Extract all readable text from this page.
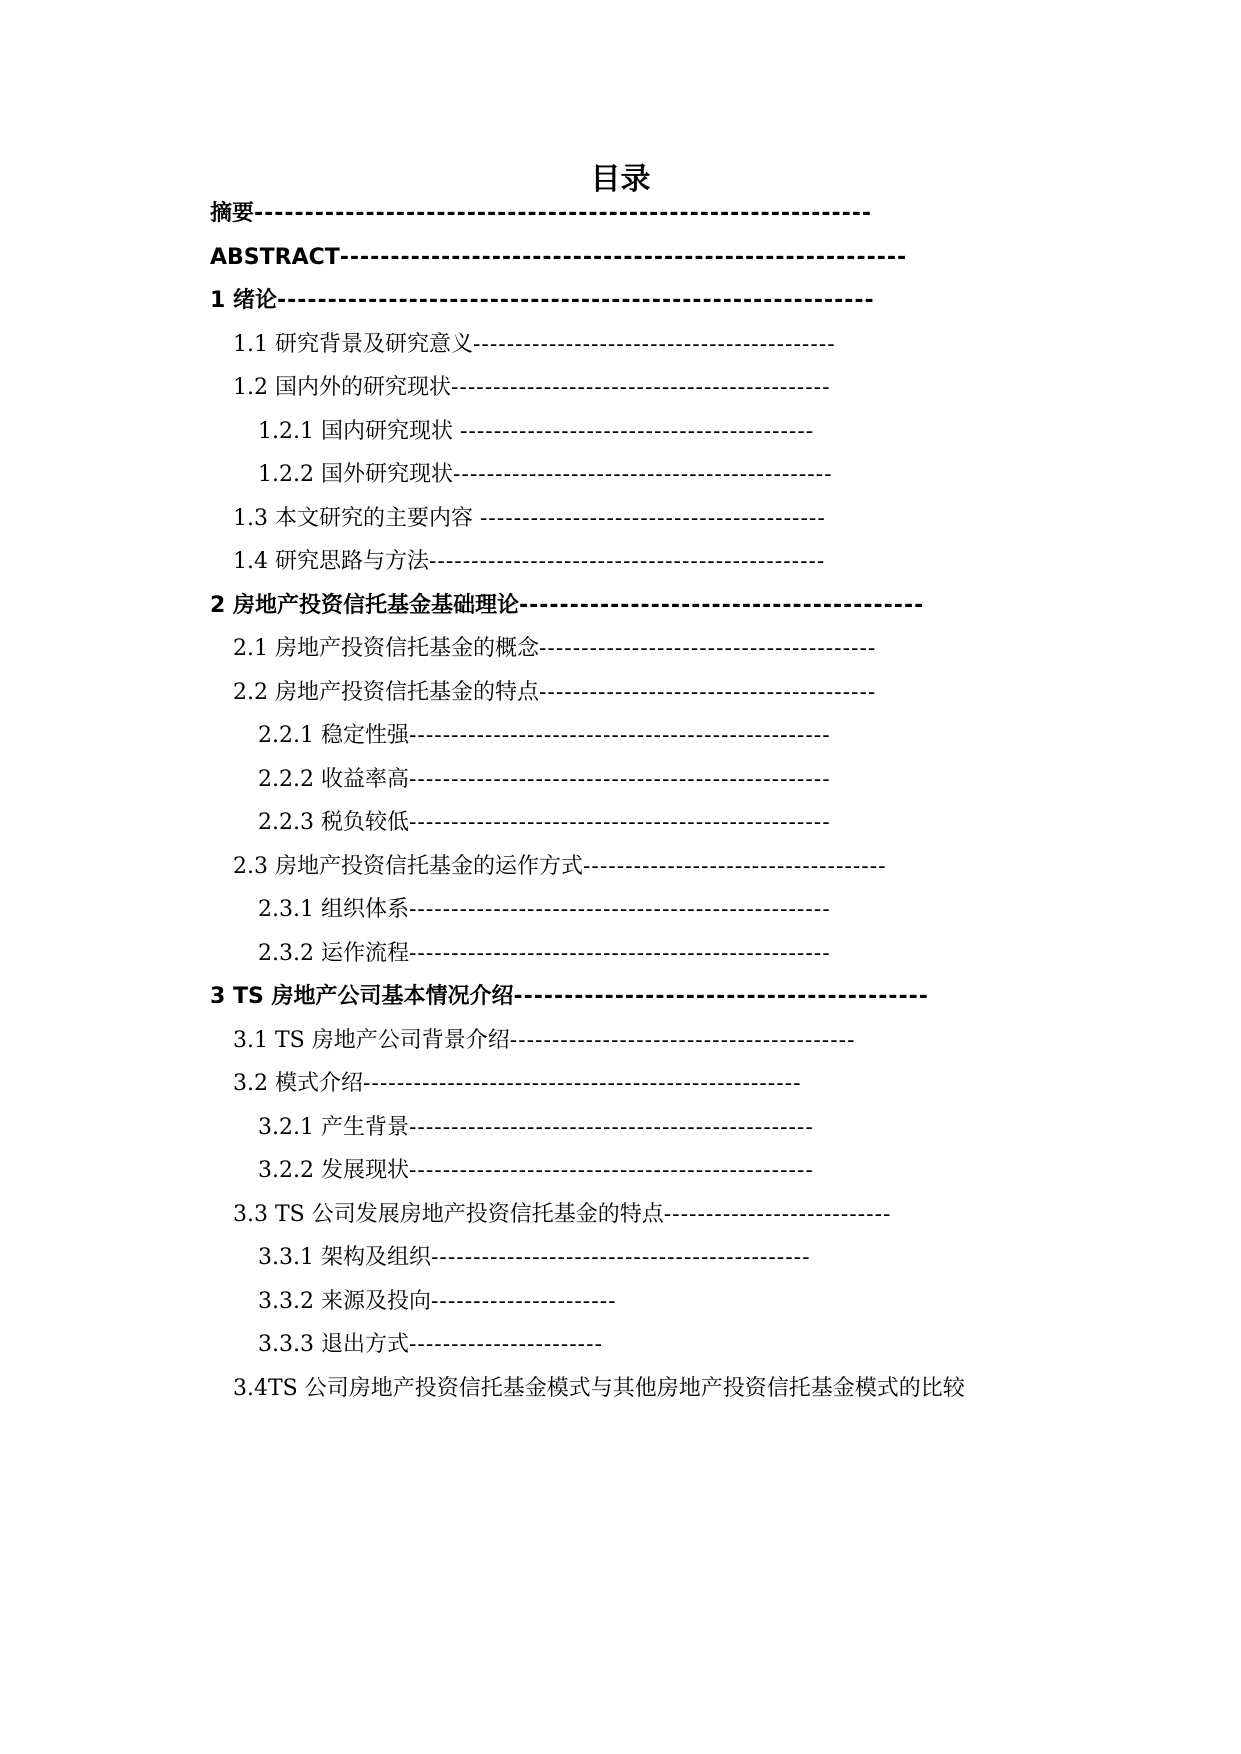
目录
摘要-------------------------------------------------------------
ABSTRACT--------------------------------------------------------
1 绪论-----------------------------------------------------------
1.1 研究背景及研究意义-------------------------------------------
1.2 国内外的研究现状---------------------------------------------
1.2.1 国内研究现状 ------------------------------------------
1.2.2 国外研究现状---------------------------------------------
1.3 本文研究的主要内容 -----------------------------------------
1.4 研究思路与方法-----------------------------------------------
2 房地产投资信托基金基础理论----------------------------------------
2.1 房地产投资信托基金的概念----------------------------------------
2.2 房地产投资信托基金的特点----------------------------------------
2.2.1 稳定性强--------------------------------------------------
2.2.2 收益率高--------------------------------------------------
2.2.3 税负较低--------------------------------------------------
2.3 房地产投资信托基金的运作方式------------------------------------
2.3.1 组织体系--------------------------------------------------
2.3.2 运作流程--------------------------------------------------
3 TS 房地产公司基本情况介绍-----------------------------------------
3.1 TS 房地产公司背景介绍-----------------------------------------
3.2 模式介绍----------------------------------------------------
3.2.1 产生背景------------------------------------------------
3.2.2 发展现状------------------------------------------------
3.3 TS 公司发展房地产投资信托基金的特点---------------------------
3.3.1 架构及组织---------------------------------------------
3.3.2 来源及投向----------------------
3.3.3 退出方式-----------------------
3.4TS 公司房地产投资信托基金模式与其他房地产投资信托基金模式的比较
